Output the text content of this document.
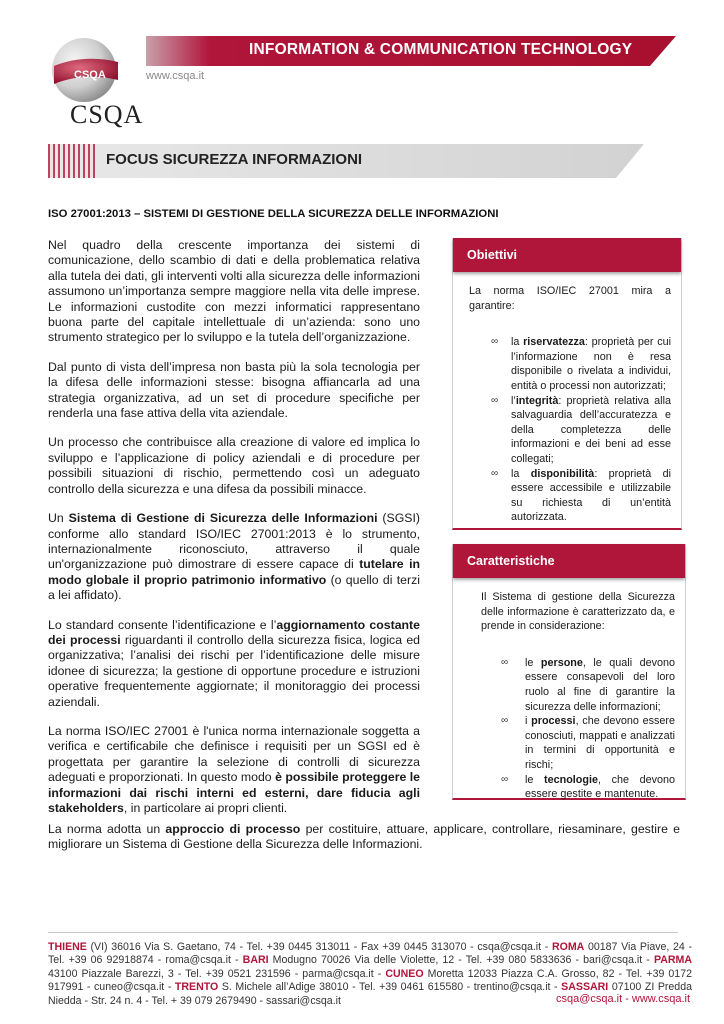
CSQA
CSQA
INFORMATION & COMMUNICATION TECHNOLOGY
www.csqa.it
FOCUS SICUREZZA INFORMAZIONI
ISO 27001:2013 – SISTEMI DI GESTIONE DELLA SICUREZZA DELLE INFORMAZIONI

Nel quadro della crescente importanza dei sistemi di comunicazione, dello scambio di dati e della problematica relativa alla tutela dei dati, gli interventi volti alla sicurezza delle informazioni assumono un’importanza sempre maggiore nella vita delle imprese. Le informazioni custodite con mezzi informatici rappresentano buona parte del capitale intellettuale di un’azienda: sono uno strumento strategico per lo sviluppo e la tutela dell’organizzazione.

Dal punto di vista dell’impresa non basta più la sola tecnologia per la difesa delle informazioni stesse: bisogna affiancarla ad una strategia organizzativa, ad un set di procedure specifiche per renderla una fase attiva della vita aziendale.

Un processo che contribuisce alla creazione di valore ed implica lo sviluppo e l’applicazione di policy aziendali e di procedure per possibili situazioni di rischio, permettendo così un adeguato controllo della sicurezza e una difesa da possibili minacce.

Un Sistema di Gestione di Sicurezza delle Informazioni (SGSI) conforme allo standard ISO/IEC 27001:2013 è lo strumento, internazionalmente riconosciuto, attraverso il quale un'organizzazione può dimostrare di essere capace di tutelare in modo globale il proprio patrimonio informativo (o quello di terzi a lei affidato).

Lo standard consente l’identificazione e l’aggiornamento costante dei processi riguardanti il controllo della sicurezza fisica, logica ed organizzativa; l’analisi dei rischi per l’identificazione delle misure idonee di sicurezza; la gestione di opportune procedure e istruzioni operative frequentemente aggiornate; il monitoraggio dei processi aziendali.

La norma ISO/IEC 27001 è l'unica norma internazionale soggetta a verifica e certificabile che definisce i requisiti per un SGSI ed è progettata per garantire la selezione di controlli di sicurezza adeguati e proporzionati. In questo modo è possibile proteggere le informazioni dai rischi interni ed esterni, dare fiducia agli stakeholders, in particolare ai propri clienti.

Obiettivi
La norma ISO/IEC 27001 mira a garantire:
∞ la riservatezza: proprietà per cui l’informazione non è resa disponibile o rivelata a individui, entità o processi non autorizzati;
∞ l’integrità: proprietà relativa alla salvaguardia dell’accuratezza e della completezza delle informazioni e dei beni ad esse collegati;
∞ la disponibilità: proprietà di essere accessibile e utilizzabile su richiesta di un’entità autorizzata.
Caratteristiche
Il Sistema di gestione della Sicurezza delle informazione è caratterizzato da, e prende in considerazione:
∞ le persone, le quali devono essere consapevoli del loro ruolo al fine di garantire la sicurezza delle informazioni;
∞ i processi, che devono essere conosciuti, mappati e analizzati in termini di opportunità e rischi;
∞ le tecnologie, che devono essere gestite e mantenute.
La norma adotta un approccio di processo per costituire, attuare, applicare, controllare, riesaminare, gestire e migliorare un Sistema di Gestione della Sicurezza delle Informazioni.
THIENE (VI) 36016 Via S. Gaetano, 74 - Tel. +39 0445 313011 - Fax +39 0445 313070 - csqa@csqa.it - ROMA 00187 Via Piave, 24 - Tel. +39 06 92918874 - roma@csqa.it - BARI Modugno 70026 Via delle Violette, 12 - Tel. +39 080 5833636 - bari@csqa.it - PARMA 43100 Piazzale Barezzi, 3 - Tel. +39 0521 231596 - parma@csqa.it - CUNEO Moretta 12033 Piazza C.A. Grosso, 82 - Tel. +39 0172 917991 - cuneo@csqa.it - TRENTO S. Michele all’Adige 38010 - Tel. +39 0461 615580 - trentino@csqa.it - SASSARI 07100 ZI Predda Niedda - Str. 24 n. 4 - Tel. + 39 079 2679490 - sassari@csqa.it	csqa@csqa.it - www.csqa.it
